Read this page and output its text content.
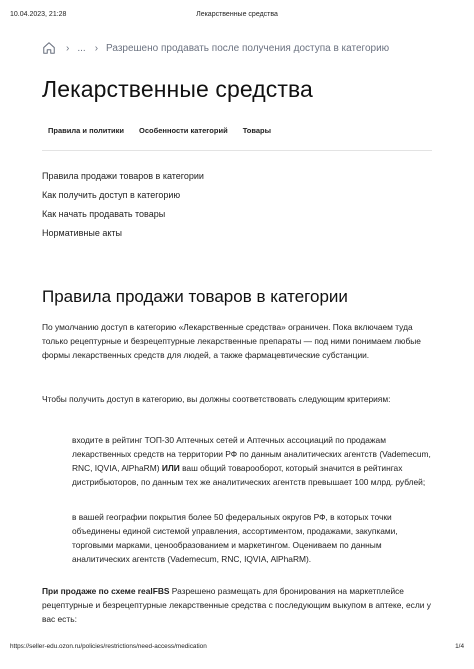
10.04.2023, 21:28	Лекарственные средства
› ... › Разрешено продавать после получения доступа в категорию
Лекарственные средства
Правила и политики Особенности категорий Товары
Правила продажи товаров в категории
Как получить доступ в категорию
Как начать продавать товары
Нормативные акты
Правила продажи товаров в категории

По умолчанию доступ в категорию «Лекарственные средства» ограничен. Пока включаем туда только рецептурные и безрецептурные лекарственные препараты — под ними понимаем любые формы лекарственных средств для людей, а также фармацевтические субстанции.

Чтобы получить доступ в категорию, вы должны соответствовать следующим критериям:

входите в рейтинг ТОП-30 Аптечных сетей и Аптечных ассоциаций по продажам лекарственных средств на территории РФ по данным аналитических агентств (Vademecum, RNC, IQVIA, AlPhaRM) ИЛИ ваш общий товарооборот, который значится в рейтингах дистрибьюторов, по данным тех же аналитических агентств превышает 100 млрд. рублей;

в вашей географии покрытия более 50 федеральных округов РФ, в которых точки объединены единой системой управления, ассортиментом, продажами, закупками, торговыми марками, ценообразованием и маркетингом. Оцениваем по данным аналитических агентств (Vademecum, RNC, IQVIA, AlPhaRM).

При продаже по схеме realFBS Разрешено размещать для бронирования на маркетплейсе рецептурные и безрецептурные лекарственные средства с последующим выкупом в аптеке, если у вас есть:

https://seller-edu.ozon.ru/policies/restrictions/need-access/medication	1/4
